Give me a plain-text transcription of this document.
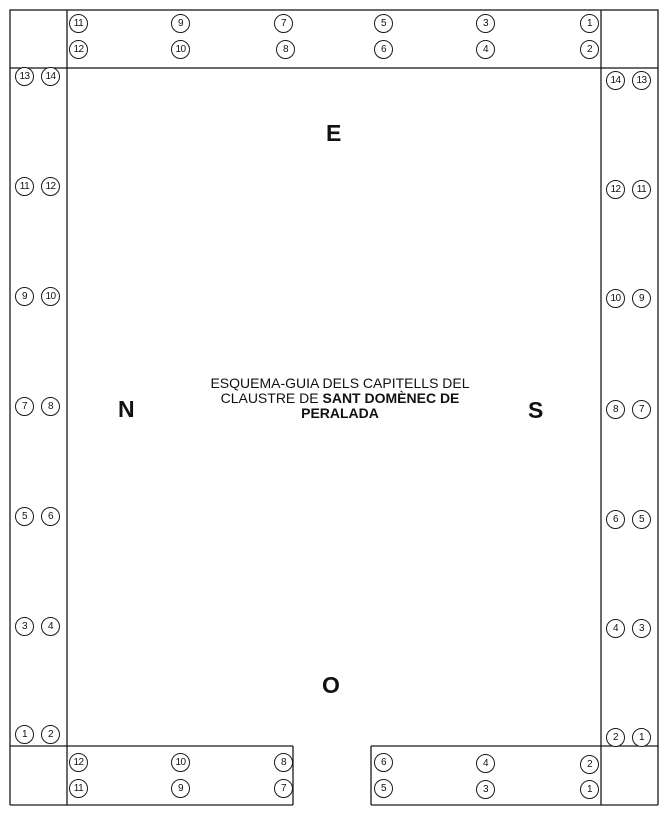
11	9	7	5	3	1
12	10	8	6	4	2
13	14
11	12
9	10
7	8
5	6
3	4
1	2
14	13
12	11
10	9
8	7
6	5
4	3
2	1
12	10	8	6	4	2
11	9	7	5	3	1
E
O
N	S
ESQUEMA-GUIA DELS CAPITELLS DEL
CLAUSTRE DE SANT DOMÈNEC DE
PERALADA
